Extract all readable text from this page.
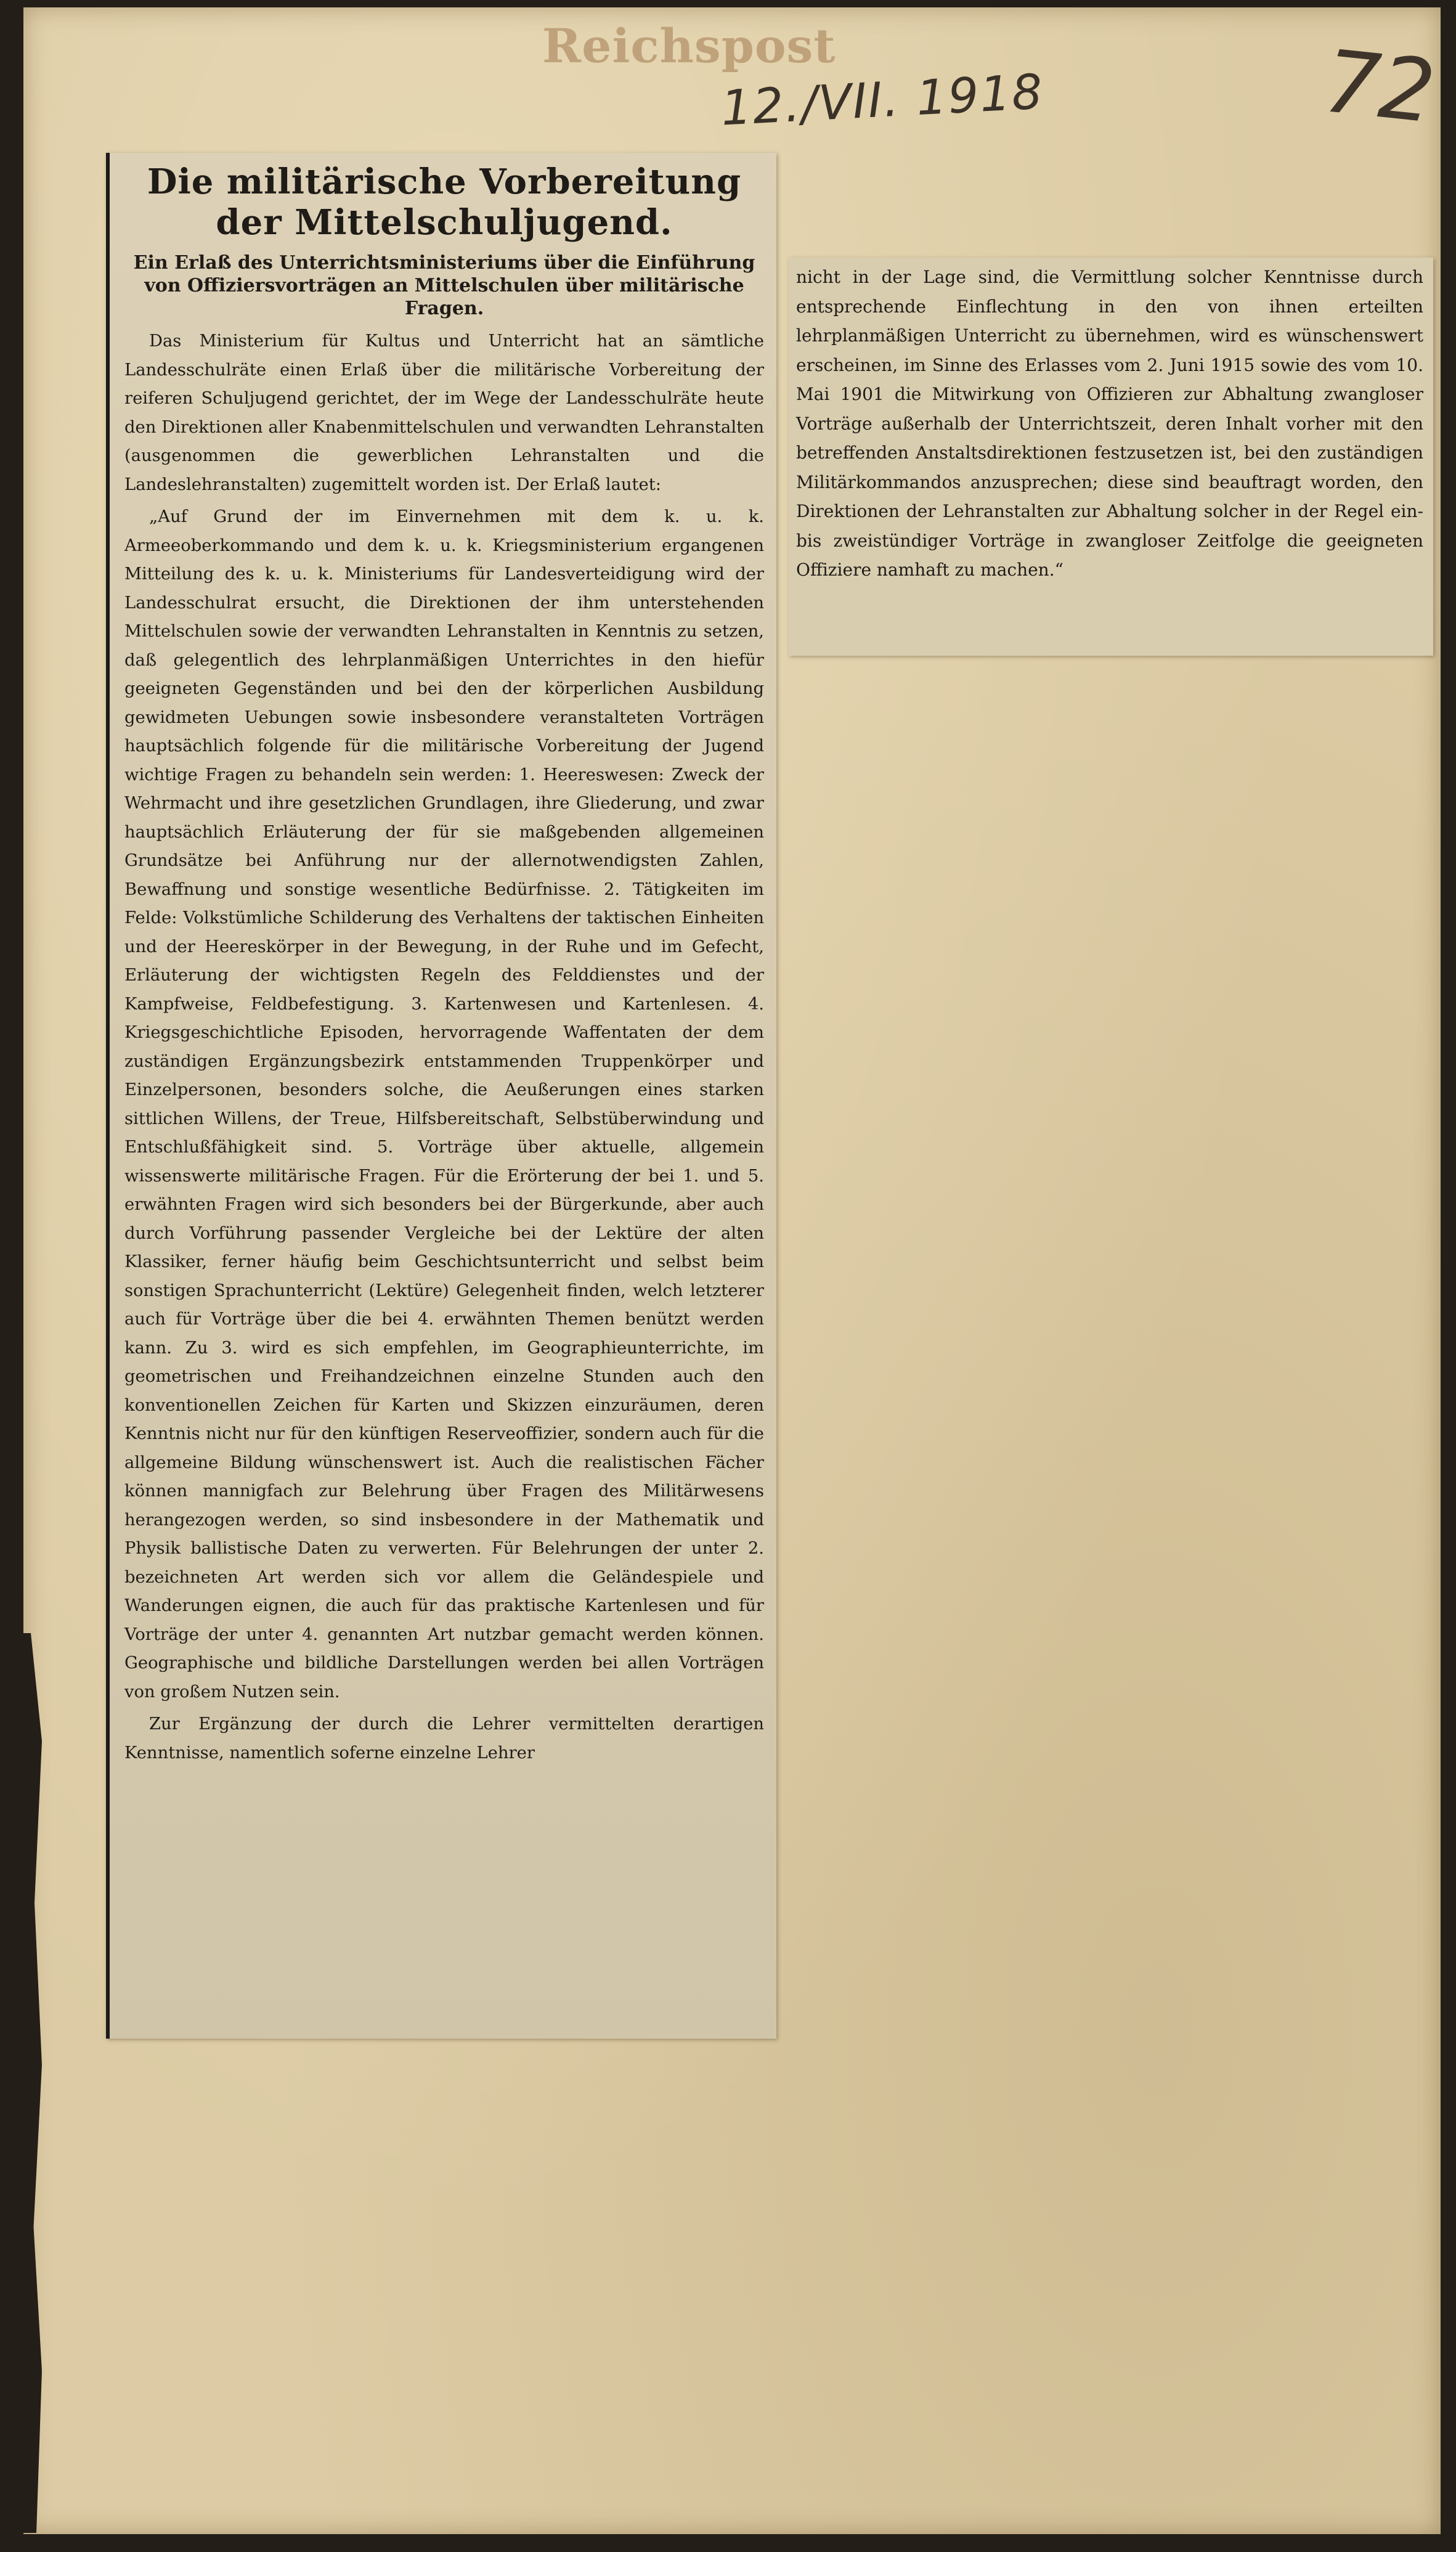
Reichspost
12./VII. 1918	72
Die militärische Vorbereitung
der Mittelschuljugend.
Ein Erlaß des Unterrichtsministeriums über die Einführung von Offiziersvorträgen an Mittelschulen über militärische Fragen.

Das Ministerium für Kultus und Unterricht hat an sämtliche Landesschulräte einen Erlaß über die militärische Vorbereitung der reiferen Schuljugend gerichtet, der im Wege der Landesschulräte heute den Direktionen aller Knabenmittelschulen und verwandten Lehranstalten (ausgenommen die gewerblichen Lehranstalten und die Landeslehranstalten) zugemittelt worden ist. Der Erlaß lautet:

„Auf Grund der im Einvernehmen mit dem k. u. k. Armeeoberkommando und dem k. u. k. Kriegsministerium ergangenen Mitteilung des k. u. k. Ministeriums für Landesverteidigung wird der Landesschulrat ersucht, die Direktionen der ihm unterstehenden Mittelschulen sowie der verwandten Lehranstalten in Kenntnis zu setzen, daß gelegentlich des lehrplanmäßigen Unterrichtes in den hiefür geeigneten Gegenständen und bei den der körperlichen Ausbildung gewidmeten Uebungen sowie insbesondere veranstalteten Vorträgen hauptsächlich folgende für die militärische Vorbereitung der Jugend wichtige Fragen zu behandeln sein werden: 1. Heereswesen: Zweck der Wehrmacht und ihre gesetzlichen Grundlagen, ihre Gliederung, und zwar hauptsächlich Erläuterung der für sie maßgebenden allgemeinen Grundsätze bei Anführung nur der allernotwendigsten Zahlen, Bewaffnung und sonstige wesentliche Bedürfnisse. 2. Tätigkeiten im Felde: Volkstümliche Schilderung des Verhaltens der taktischen Einheiten und der Heereskörper in der Bewegung, in der Ruhe und im Gefecht, Erläuterung der wichtigsten Regeln des Felddienstes und der Kampfweise, Feldbefestigung. 3. Kartenwesen und Kartenlesen. 4. Kriegsgeschichtliche Episoden, hervorragende Waffentaten der dem zuständigen Ergänzungsbezirk entstammenden Truppenkörper und Einzelpersonen, besonders solche, die Aeußerungen eines starken sittlichen Willens, der Treue, Hilfsbereitschaft, Selbstüberwindung und Entschlußfähigkeit sind. 5. Vorträge über aktuelle, allgemein wissenswerte militärische Fragen. Für die Erörterung der bei 1. und 5. erwähnten Fragen wird sich besonders bei der Bürgerkunde, aber auch durch Vorführung passender Vergleiche bei der Lektüre der alten Klassiker, ferner häufig beim Geschichtsunterricht und selbst beim sonstigen Sprachunterricht (Lektüre) Gelegenheit finden, welch letzterer auch für Vorträge über die bei 4. erwähnten Themen benützt werden kann. Zu 3. wird es sich empfehlen, im Geographieunterrichte, im geometrischen und Freihandzeichnen einzelne Stunden auch den konventionellen Zeichen für Karten und Skizzen einzuräumen, deren Kenntnis nicht nur für den künftigen Reserveoffizier, sondern auch für die allgemeine Bildung wünschenswert ist. Auch die realistischen Fächer können mannigfach zur Belehrung über Fragen des Militärwesens herangezogen werden, so sind insbesondere in der Mathematik und Physik ballistische Daten zu verwerten. Für Belehrungen der unter 2. bezeichneten Art werden sich vor allem die Geländespiele und Wanderungen eignen, die auch für das praktische Kartenlesen und für Vorträge der unter 4. genannten Art nutzbar gemacht werden können. Geographische und bildliche Darstellungen werden bei allen Vorträgen von großem Nutzen sein.

Zur Ergänzung der durch die Lehrer vermittelten derartigen Kenntnisse, namentlich soferne einzelne Lehrer

nicht in der Lage sind, die Vermittlung solcher Kenntnisse durch entsprechende Einflechtung in den von ihnen erteilten lehrplanmäßigen Unterricht zu übernehmen, wird es wünschenswert erscheinen, im Sinne des Erlasses vom 2. Juni 1915 sowie des vom 10. Mai 1901 die Mitwirkung von Offizieren zur Abhaltung zwangloser Vorträge außerhalb der Unterrichtszeit, deren Inhalt vorher mit den betreffenden Anstaltsdirektionen festzusetzen ist, bei den zuständigen Militärkommandos anzusprechen; diese sind beauftragt worden, den Direktionen der Lehranstalten zur Abhaltung solcher in der Regel ein- bis zweistündiger Vorträge in zwangloser Zeitfolge die geeigneten Offiziere namhaft zu machen.“
